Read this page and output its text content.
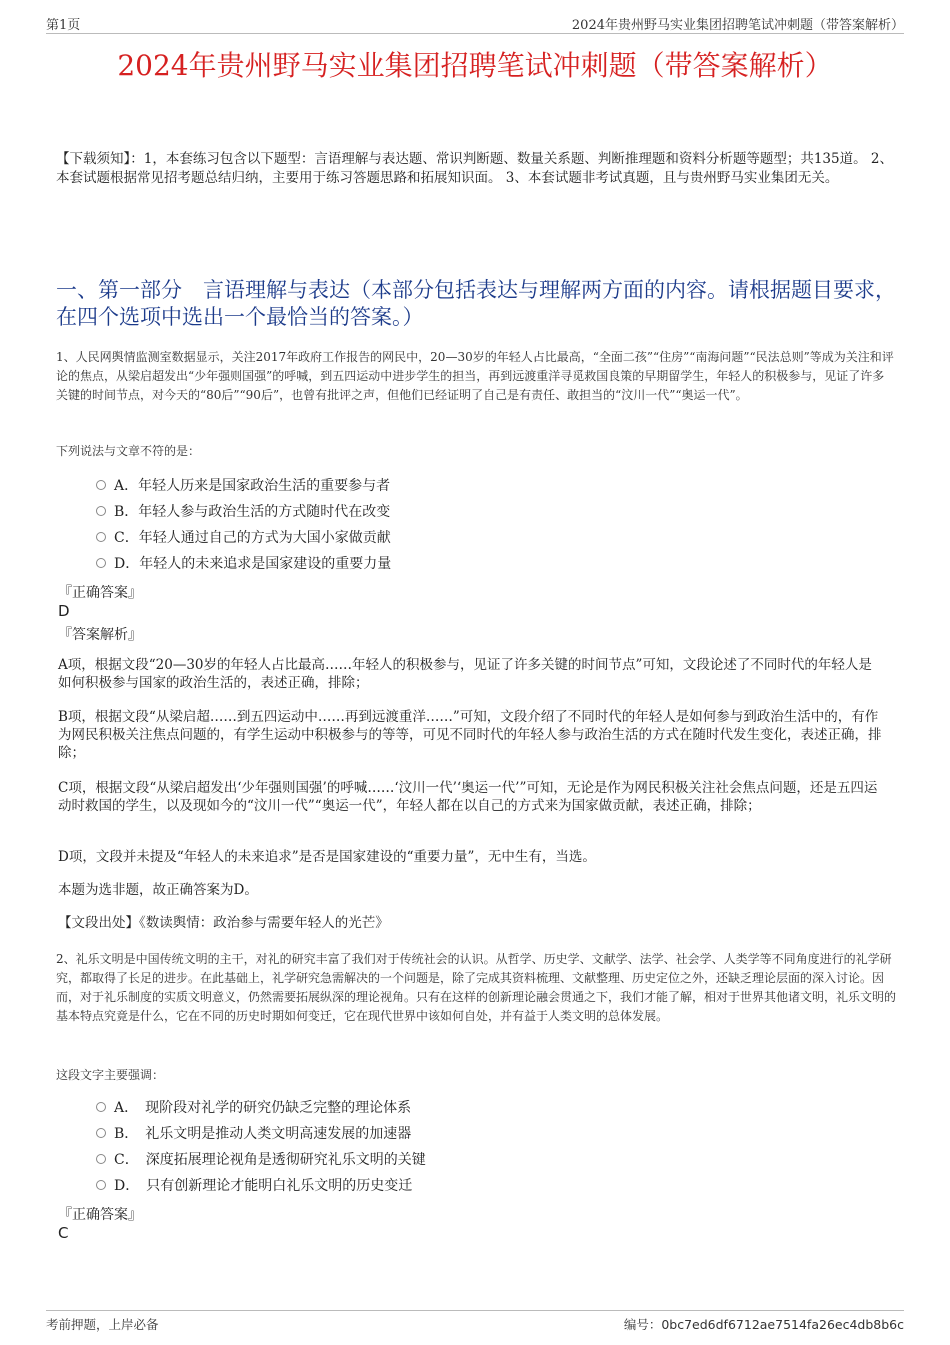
第1页	2024年贵州野马实业集团招聘笔试冲刺题（带答案解析）
2024年贵州野马实业集团招聘笔试冲刺题（带答案解析）
【下载须知】：1，本套练习包含以下题型：言语理解与表达题、常识判断题、数量关系题、判断推理题和资料分析题等题型；共135道。 2、本套试题根据常见招考题总结归纳，主要用于练习答题思路和拓展知识面。 3、本套试题非考试真题，且与贵州野马实业集团无关。
一、第一部分　言语理解与表达（本部分包括表达与理解两方面的内容。请根据题目要求，在四个选项中选出一个最恰当的答案。）
1、人民网舆情监测室数据显示，关注2017年政府工作报告的网民中，20—30岁的年轻人占比最高，“全面二孩”“住房”“南海问题”“民法总则”等成为关注和评论的焦点，从梁启超发出“少年强则国强”的呼喊，到五四运动中进步学生的担当，再到远渡重洋寻觅救国良策的早期留学生，年轻人的积极参与，见证了许多关键的时间节点，对今天的“80后”“90后”，也曾有批评之声，但他们已经证明了自己是有责任、敢担当的“汶川一代”“奥运一代”。
下列说法与文章不符的是：
A．年轻人历来是国家政治生活的重要参与者
B．年轻人参与政治生活的方式随时代在改变
C．年轻人通过自己的方式为大国小家做贡献
D．年轻人的未来追求是国家建设的重要力量
『正确答案』
D
『答案解析』
A项，根据文段“20—30岁的年轻人占比最高……年轻人的积极参与，见证了许多关键的时间节点”可知，文段论述了不同时代的年轻人是如何积极参与国家的政治生活的，表述正确，排除；
B项，根据文段“从梁启超……到五四运动中……再到远渡重洋……”可知，文段介绍了不同时代的年轻人是如何参与到政治生活中的，有作为网民积极关注焦点问题的，有学生运动中积极参与的等等，可见不同时代的年轻人参与政治生活的方式在随时代发生变化，表述正确，排除；
C项，根据文段“从梁启超发出‘少年强则国强’的呼喊……‘汶川一代’‘奥运一代’”可知，无论是作为网民积极关注社会焦点问题，还是五四运动时救国的学生，以及现如今的“汶川一代”“奥运一代”，年轻人都在以自己的方式来为国家做贡献，表述正确，排除；
D项，文段并未提及“年轻人的未来追求”是否是国家建设的“重要力量”，无中生有，当选。
本题为选非题，故正确答案为D。
【文段出处】《数读舆情：政治参与需要年轻人的光芒》
2、礼乐文明是中国传统文明的主干，对礼的研究丰富了我们对于传统社会的认识。从哲学、历史学、文献学、法学、社会学、人类学等不同角度进行的礼学研究，都取得了长足的进步。在此基础上，礼学研究急需解决的一个问题是，除了完成其资料梳理、文献整理、历史定位之外，还缺乏理论层面的深入讨论。因而，对于礼乐制度的实质文明意义，仍然需要拓展纵深的理论视角。只有在这样的创新理论融会贯通之下，我们才能了解，相对于世界其他诸文明，礼乐文明的基本特点究竟是什么，它在不同的历史时期如何变迁，它在现代世界中该如何自处，并有益于人类文明的总体发展。
这段文字主要强调：
A．　现阶段对礼学的研究仍缺乏完整的理论体系
B．　礼乐文明是推动人类文明高速发展的加速器
C．　深度拓展理论视角是透彻研究礼乐文明的关键
D．　只有创新理论才能明白礼乐文明的历史变迁
『正确答案』
C
考前押题，上岸必备	编号：0bc7ed6df6712ae7514fa26ec4db8b6c
